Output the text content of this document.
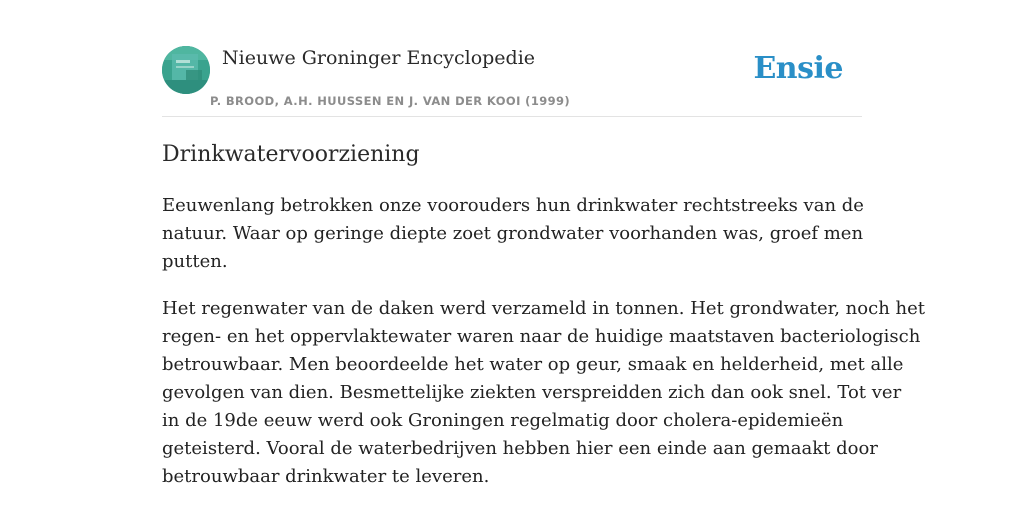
Nieuwe Groninger Encyclopedie
P. BROOD, A.H. HUUSSEN EN J. VAN DER KOOI (1999)
Ensie
Drinkwatervoorziening

Eeuwenlang betrokken onze voorouders hun drinkwater rechtstreeks van de
natuur. Waar op geringe diepte zoet grondwater voorhanden was, groef men
putten.

Het regenwater van de daken werd verzameld in tonnen. Het grondwater, noch het
regen- en het oppervlaktewater waren naar de huidige maatstaven bacteriologisch
betrouwbaar. Men beoordeelde het water op geur, smaak en helderheid, met alle
gevolgen van dien. Besmettelijke ziekten verspreidden zich dan ook snel. Tot ver
in de 19de eeuw werd ook Groningen regelmatig door cholera-epidemieën
geteisterd. Vooral de waterbedrijven hebben hier een einde aan gemaakt door
betrouwbaar drinkwater te leveren.
